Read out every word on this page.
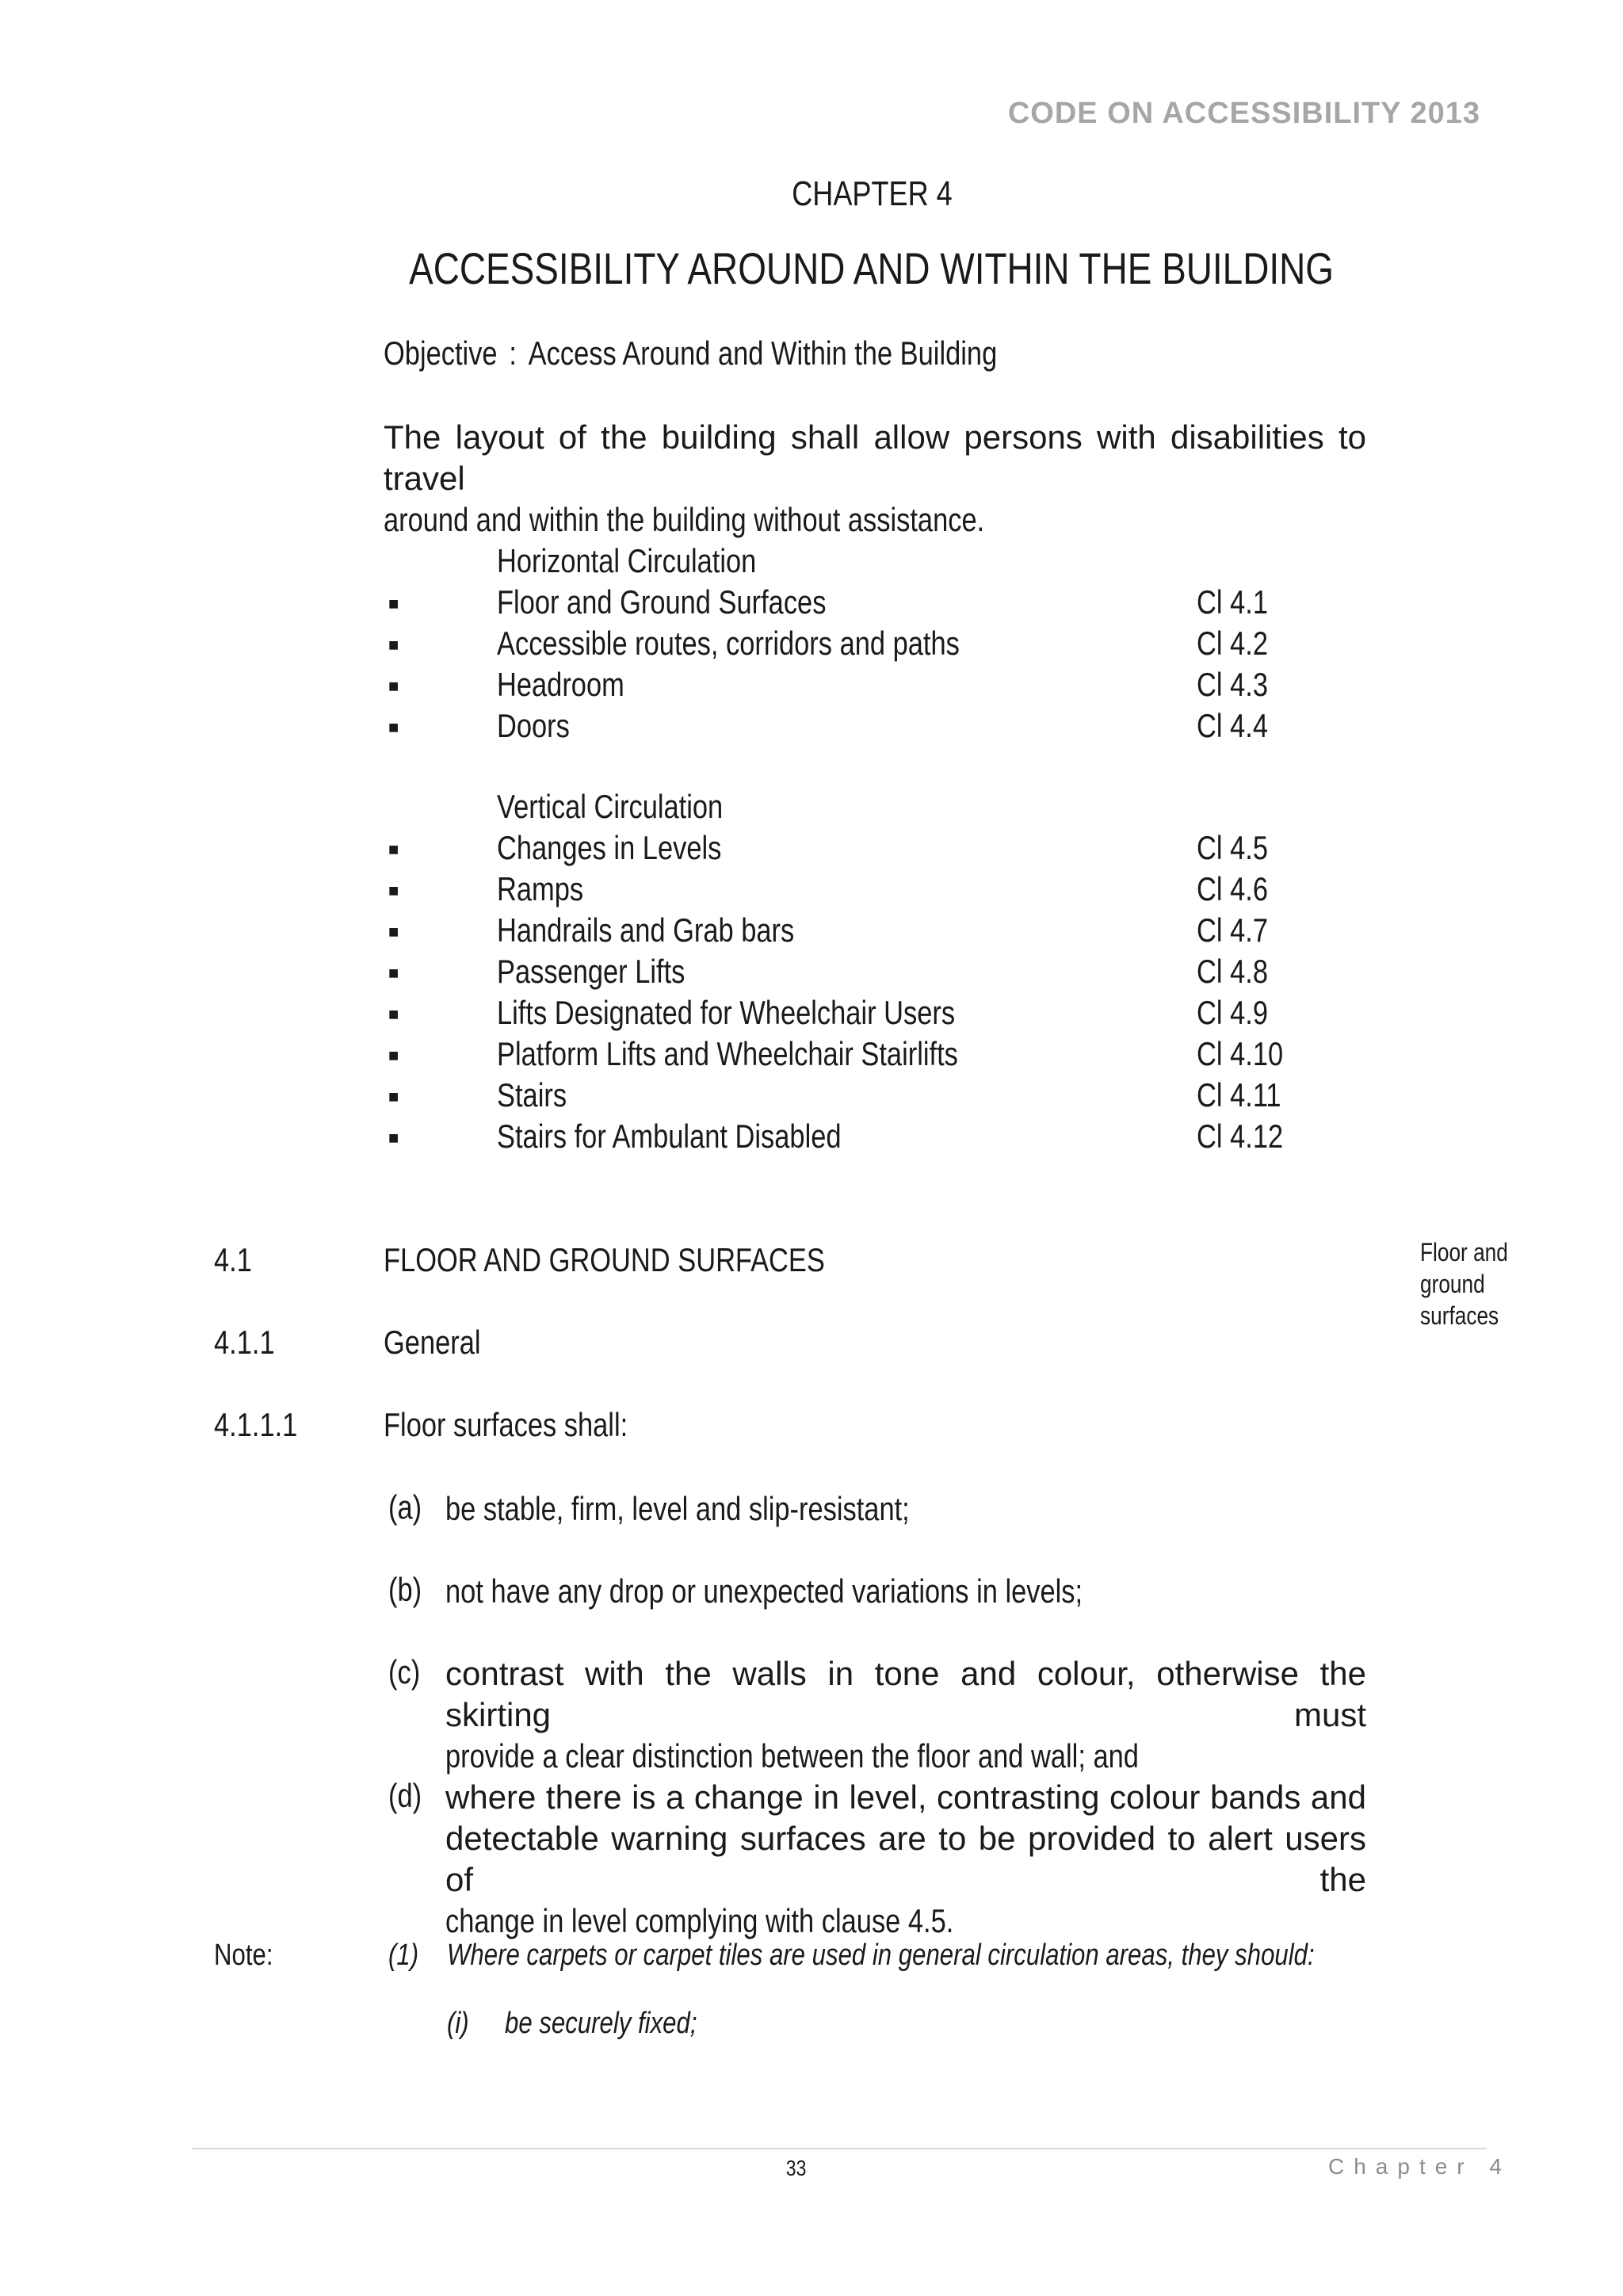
CODE ON ACCESSIBILITY 2013
CHAPTER 4
ACCESSIBILITY AROUND AND WITHIN THE BUILDING
Objective : Access Around and Within the Building
The layout of the building shall allow persons with disabilities to travel
around and within the building without assistance.
Horizontal Circulation
■	Floor and Ground Surfaces	Cl 4.1
■	Accessible routes, corridors and paths	Cl 4.2
■	Headroom	Cl 4.3
■	Doors	Cl 4.4
Vertical Circulation
■	Changes in Levels	Cl 4.5
■	Ramps	Cl 4.6
■	Handrails and Grab bars	Cl 4.7
■	Passenger Lifts	Cl 4.8
■	Lifts Designated for Wheelchair Users	Cl 4.9
■	Platform Lifts and Wheelchair Stairlifts	Cl 4.10
■	Stairs	Cl 4.11
■	Stairs for Ambulant Disabled	Cl 4.12
4.1	FLOOR AND GROUND SURFACES	Floor and
ground
surfaces
4.1.1	General
4.1.1.1	Floor surfaces shall:
(a) be stable, firm, level and slip-resistant;
(b) not have any drop or unexpected variations in levels;
(c) contrast with the walls in tone and colour, otherwise the skirting must
provide a clear distinction between the floor and wall; and
(d) where there is a change in level, contrasting colour bands and
detectable warning surfaces are to be provided to alert users of the
change in level complying with clause 4.5.
Note:	(1) Where carpets or carpet tiles are used in general circulation areas, they should:
(i) be securely fixed;
33	Chapter 4
